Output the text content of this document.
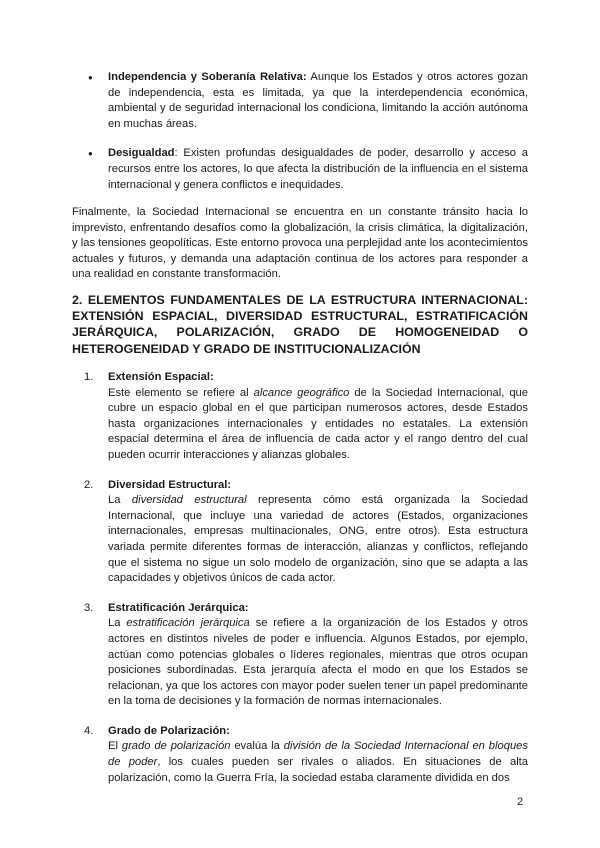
● Independencia y Soberanía Relativa: Aunque los Estados y otros actores gozan de independencia, esta es limitada, ya que la interdependencia económica, ambiental y de seguridad internacional los condiciona, limitando la acción autónoma en muchas áreas.
● Desigualdad: Existen profundas desigualdades de poder, desarrollo y acceso a recursos entre los actores, lo que afecta la distribución de la influencia en el sistema internacional y genera conflictos e inequidades.

Finalmente, la Sociedad Internacional se encuentra en un constante tránsito hacia lo imprevisto, enfrentando desafíos como la globalización, la crisis climática, la digitalización, y las tensiones geopolíticas. Este entorno provoca una perplejidad ante los acontecimientos actuales y futuros, y demanda una adaptación continua de los actores para responder a una realidad en constante transformación.

2. ELEMENTOS FUNDAMENTALES DE LA ESTRUCTURA INTERNACIONAL: EXTENSIÓN ESPACIAL, DIVERSIDAD ESTRUCTURAL, ESTRATIFICACIÓN JERÁRQUICA, POLARIZACIÓN, GRADO DE HOMOGENEIDAD O HETEROGENEIDAD Y GRADO DE INSTITUCIONALIZACIÓN
1. Extensión Espacial:
Este elemento se refiere al alcance geográfico de la Sociedad Internacional, que cubre un espacio global en el que participan numerosos actores, desde Estados hasta organizaciones internacionales y entidades no estatales. La extensión espacial determina el área de influencia de cada actor y el rango dentro del cual pueden ocurrir interacciones y alianzas globales.
2. Diversidad Estructural:
La diversidad estructural representa cómo está organizada la Sociedad Internacional, que incluye una variedad de actores (Estados, organizaciones internacionales, empresas multinacionales, ONG, entre otros). Esta estructura variada permite diferentes formas de interacción, alianzas y conflictos, reflejando que el sistema no sigue un solo modelo de organización, sino que se adapta a las capacidades y objetivos únicos de cada actor.
3. Estratificación Jerárquica:
La estratificación jerárquica se refiere a la organización de los Estados y otros actores en distintos niveles de poder e influencia. Algunos Estados, por ejemplo, actúan como potencias globales o líderes regionales, mientras que otros ocupan posiciones subordinadas. Esta jerarquía afecta el modo en que los Estados se relacionan, ya que los actores con mayor poder suelen tener un papel predominante en la toma de decisiones y la formación de normas internacionales.
4. Grado de Polarización:
El grado de polarización evalúa la división de la Sociedad Internacional en bloques de poder, los cuales pueden ser rivales o aliados. En situaciones de alta polarización, como la Guerra Fría, la sociedad estaba claramente dividida en dos
2
